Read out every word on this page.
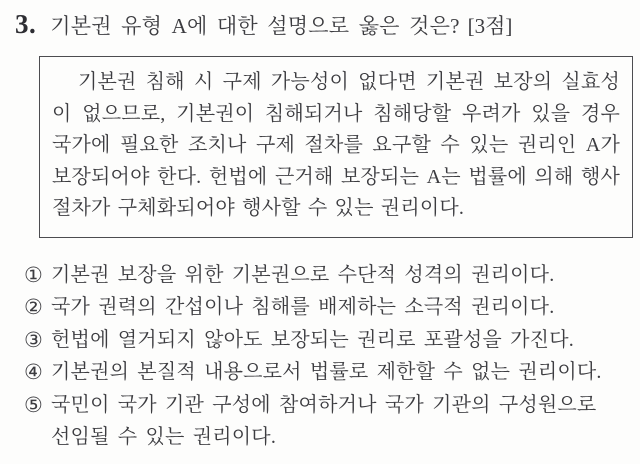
3. 기본권 유형 A에 대한 설명으로 옳은 것은? [3점]

기본권 침해 시 구제 가능성이 없다면 기본권 보장의 실효성이 없으므로, 기본권이 침해되거나 침해당할 우려가 있을 경우 국가에 필요한 조치나 구제 절차를 요구할 수 있는 권리인 A가 보장되어야 한다. 헌법에 근거해 보장되는 A는 법률에 의해 행사 절차가 구체화되어야 행사할 수 있는 권리이다.

① 기본권 보장을 위한 기본권으로 수단적 성격의 권리이다.
② 국가 권력의 간섭이나 침해를 배제하는 소극적 권리이다.
③ 헌법에 열거되지 않아도 보장되는 권리로 포괄성을 가진다.
④ 기본권의 본질적 내용으로서 법률로 제한할 수 없는 권리이다.
⑤ 국민이 국가 기관 구성에 참여하거나 국가 기관의 구성원으로 선임될 수 있는 권리이다.
